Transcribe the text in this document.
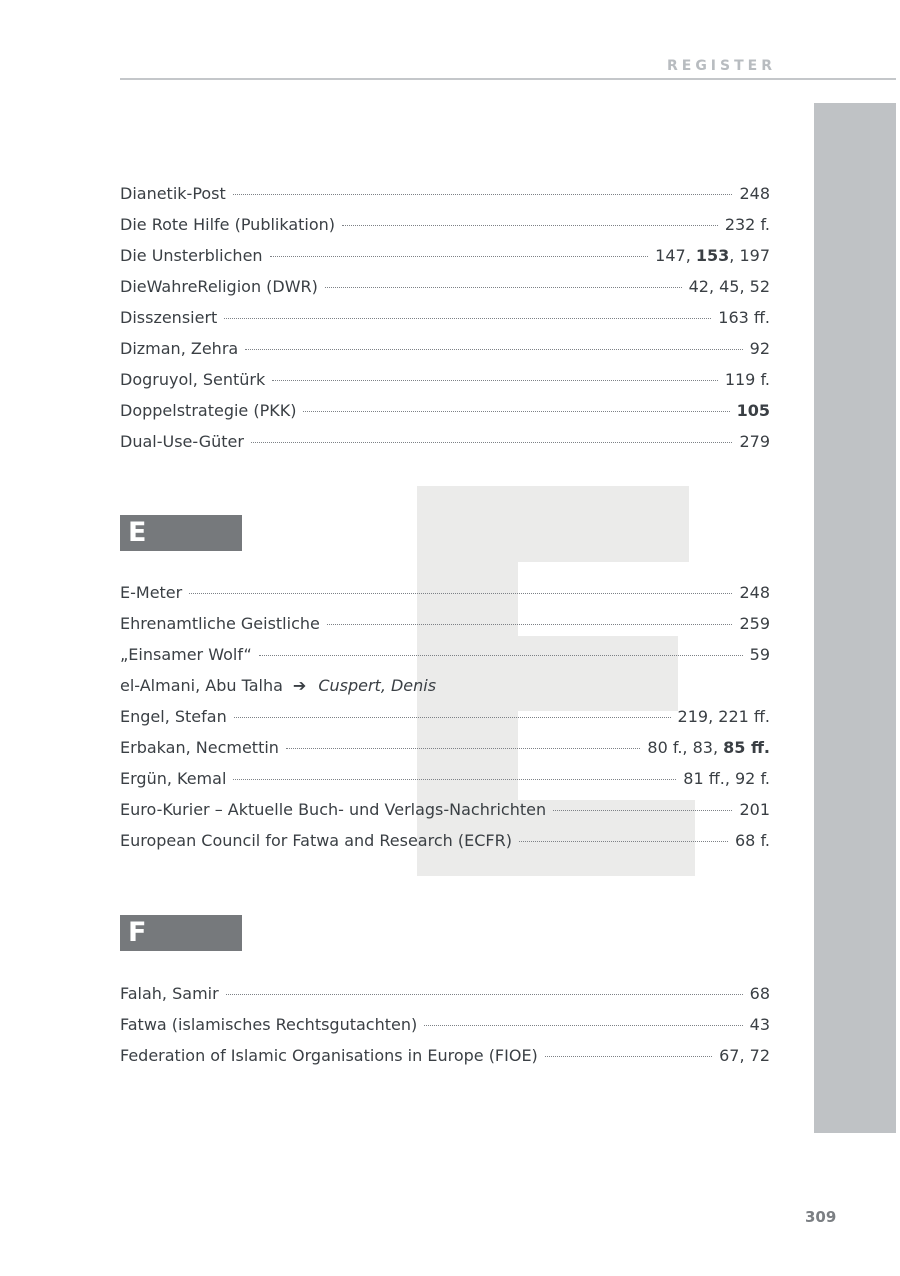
REGISTER
Dianetik-Post	248
Die Rote Hilfe (Publikation)	232 f.
Die Unsterblichen	147, 153, 197
DieWahreReligion (DWR)	42, 45, 52
Disszensiert	163 ff.
Dizman, Zehra	92
Dogruyol, Sentürk	119 f.
Doppelstrategie (PKK)	105
Dual-Use-Güter	279
E
E-Meter	248
Ehrenamtliche Geistliche	259
„Einsamer Wolf“	59
el-Almani, Abu Talha ➔ Cuspert, Denis
Engel, Stefan	219, 221 ff.
Erbakan, Necmettin	80 f., 83, 85 ff.
Ergün, Kemal	81 ff., 92 f.
Euro-Kurier – Aktuelle Buch- und Verlags-Nachrichten	201
European Council for Fatwa and Research (ECFR)	68 f.
F
Falah, Samir	68
Fatwa (islamisches Rechtsgutachten)	43
Federation of Islamic Organisations in Europe (FIOE)	67, 72
309
